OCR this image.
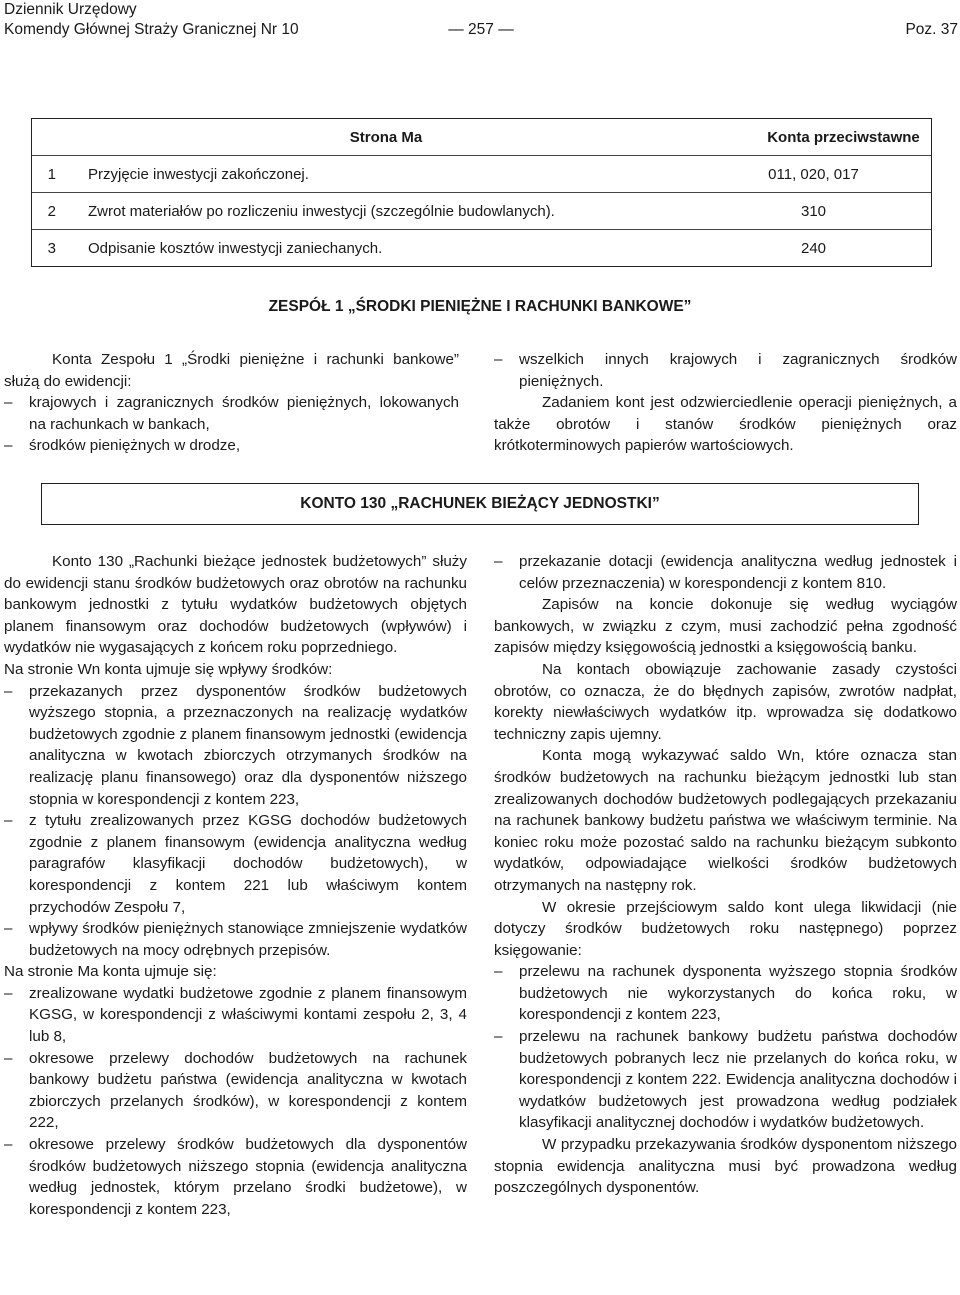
Dziennik Urzędowy
Komendy Głównej Straży Granicznej Nr 10	— 257 —	Poz. 37
Strona Ma	Konta przeciwstawne
1	Przyjęcie inwestycji zakończonej.	011, 020, 017
2	Zwrot materiałów po rozliczeniu inwestycji (szczególnie budowlanych).	310
3	Odpisanie kosztów inwestycji zaniechanych.	240
ZESPÓŁ 1 „ŚRODKI PIENIĘŻNE I RACHUNKI BANKOWE”

Konta Zespołu 1 „Środki pieniężne i rachunki bankowe” służą do ewidencji:

–	krajowych i zagranicznych środków pieniężnych, lokowanych na rachunkach w bankach,
–	środków pieniężnych w drodze,
–	wszelkich innych krajowych i zagranicznych środków pieniężnych.

Zadaniem kont jest odzwierciedlenie operacji pieniężnych, a także obrotów i stanów środków pieniężnych oraz krótkoterminowych papierów wartościowych.

KONTO 130 „RACHUNEK BIEŻĄCY JEDNOSTKI”

Konto 130 „Rachunki bieżące jednostek budżetowych” służy do ewidencji stanu środków budżetowych oraz obrotów na rachunku bankowym jednostki z tytułu wydatków budżetowych objętych planem finansowym oraz dochodów budżetowych (wpływów) i wydatków nie wygasających z końcem roku poprzedniego.

Na stronie Wn konta ujmuje się wpływy środków:

–	przekazanych przez dysponentów środków budżetowych wyższego stopnia, a przeznaczonych na realizację wydatków budżetowych zgodnie z planem finansowym jednostki (ewidencja analityczna w kwotach zbiorczych otrzymanych środków na realizację planu finansowego) oraz dla dysponentów niższego stopnia w korespondencji z kontem 223,
–	z tytułu zrealizowanych przez KGSG dochodów budżetowych zgodnie z planem finansowym (ewidencja analityczna według paragrafów klasyfikacji dochodów budżetowych), w korespondencji z kontem 221 lub właściwym kontem przychodów Zespołu 7,
–	wpływy środków pieniężnych stanowiące zmniejszenie wydatków budżetowych na mocy odrębnych przepisów.

Na stronie Ma konta ujmuje się:

–	zrealizowane wydatki budżetowe zgodnie z planem finansowym KGSG, w korespondencji z właściwymi kontami zespołu 2, 3, 4 lub 8,
–	okresowe przelewy dochodów budżetowych na rachunek bankowy budżetu państwa (ewidencja analityczna w kwotach zbiorczych przelanych środków), w korespondencji z kontem 222,
–	okresowe przelewy środków budżetowych dla dysponentów środków budżetowych niższego stopnia (ewidencja analityczna według jednostek, którym przelano środki budżetowe), w korespondencji z kontem 223,
–	przekazanie dotacji (ewidencja analityczna według jednostek i celów przeznaczenia) w korespondencji z kontem 810.

Zapisów na koncie dokonuje się według wyciągów bankowych, w związku z czym, musi zachodzić pełna zgodność zapisów między księgowością jednostki a księgowością banku.

Na kontach obowiązuje zachowanie zasady czystości obrotów, co oznacza, że do błędnych zapisów, zwrotów nadpłat, korekty niewłaściwych wydatków itp. wprowadza się dodatkowo techniczny zapis ujemny.

Konta mogą wykazywać saldo Wn, które oznacza stan środków budżetowych na rachunku bieżącym jednostki lub stan zrealizowanych dochodów budżetowych podlegających przekazaniu na rachunek bankowy budżetu państwa we właściwym terminie. Na koniec roku może pozostać saldo na rachunku bieżącym subkonto wydatków, odpowiadające wielkości środków budżetowych otrzymanych na następny rok.

W okresie przejściowym saldo kont ulega likwidacji (nie dotyczy środków budżetowych roku następnego) poprzez księgowanie:

–	przelewu na rachunek dysponenta wyższego stopnia środków budżetowych nie wykorzystanych do końca roku, w korespondencji z kontem 223,
–	przelewu na rachunek bankowy budżetu państwa dochodów budżetowych pobranych lecz nie przelanych do końca roku, w korespondencji z kontem 222. Ewidencja analityczna dochodów i wydatków budżetowych jest prowadzona według podziałek klasyfikacji analitycznej dochodów i wydatków budżetowych.

W przypadku przekazywania środków dysponentom niższego stopnia ewidencja analityczna musi być prowadzona według poszczególnych dysponentów.
